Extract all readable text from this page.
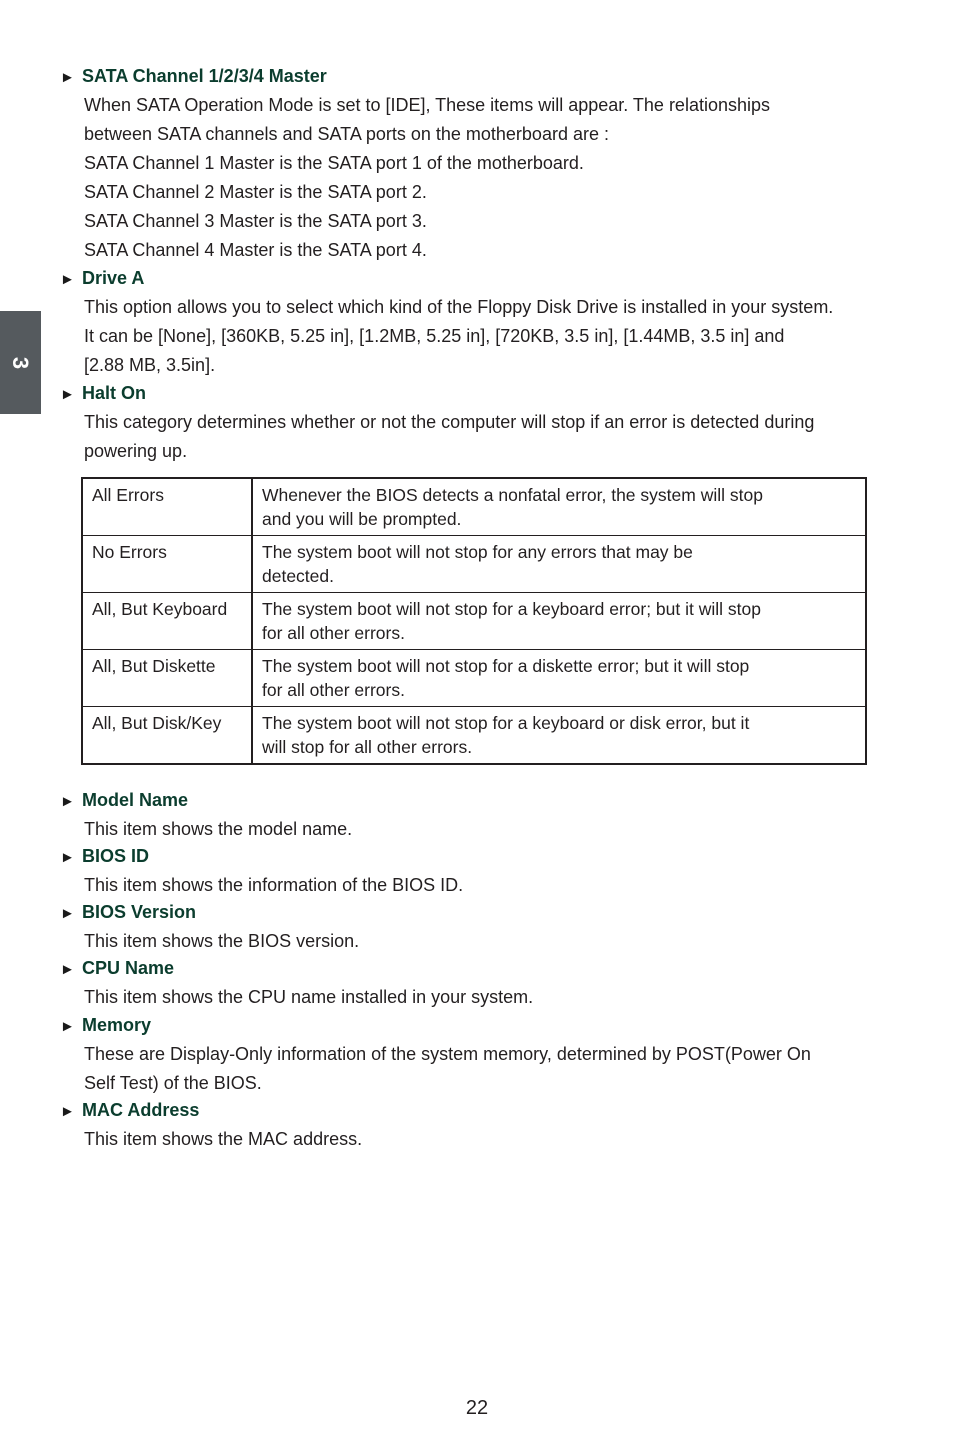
3
► SATA Channel 1/2/3/4 Master

When SATA Operation Mode is set to [IDE], These items will appear. The relationships

between SATA channels and SATA ports on the motherboard are :

SATA Channel 1 Master is the SATA port 1 of the motherboard.

SATA Channel 2 Master is the SATA port 2.

SATA Channel 3 Master is the SATA port 3.

SATA Channel 4 Master is the SATA port 4.

► Drive A

This option allows you to select which kind of the Floppy Disk Drive is installed in your system.

It can be [None], [360KB, 5.25 in], [1.2MB, 5.25 in], [720KB, 3.5 in], [1.44MB, 3.5 in] and

[2.88 MB, 3.5in].

► Halt On

This category determines whether or not the computer will stop if an error is detected during

powering up.

All Errors	Whenever the BIOS detects a nonfatal error, the system will stop
and you will be prompted.

No Errors	The system boot will not stop for any errors that may be
detected.

All, But Keyboard	The system boot will not stop for a keyboard error; but it will stop
for all other errors.

All, But Diskette	The system boot will not stop for a diskette error; but it will stop
for all other errors.

All, But Disk/Key	The system boot will not stop for a keyboard or disk error, but it
will stop for all other errors.
► Model Name

This item shows the model name.

► BIOS ID

This item shows the information of the BIOS ID.

► BIOS Version

This item shows the BIOS version.

► CPU Name

This item shows the CPU name installed in your system.

► Memory

These are Display-Only information of the system memory, determined by POST(Power On

Self Test) of the BIOS.

► MAC Address

This item shows the MAC address.

22
